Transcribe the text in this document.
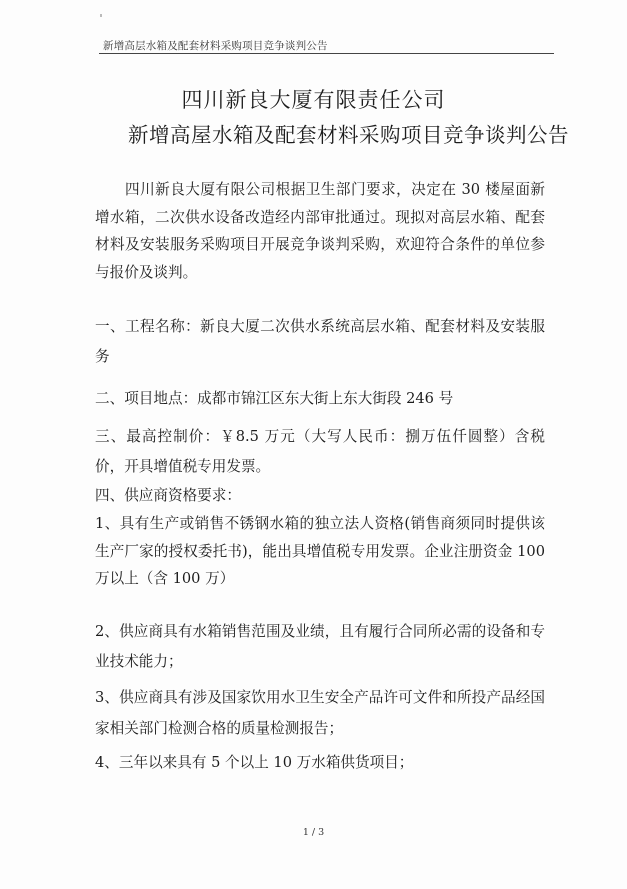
新增高层水箱及配套材料采购项目竞争谈判公告
四川新良大厦有限责任公司
新增高屋水箱及配套材料采购项目竞争谈判公告
四川新良大厦有限公司根据卫生部门要求，决定在 30 楼屋面新增水箱，二次供水设备改造经内部审批通过。现拟对高层水箱、配套材料及安装服务采购项目开展竞争谈判采购，欢迎符合条件的单位参与报价及谈判。
一、工程名称：新良大厦二次供水系统高层水箱、配套材料及安装服务
二、项目地点：成都市锦江区东大街上东大街段 246 号
三、最高控制价：￥8.5 万元（大写人民币：捌万伍仟圆整）含税价，开具增值税专用发票。
四、供应商资格要求：
1、具有生产或销售不锈钢水箱的独立法人资格(销售商须同时提供该生产厂家的授权委托书)，能出具增值税专用发票。企业注册资金 100 万以上（含 100 万）
2、供应商具有水箱销售范围及业绩，且有履行合同所必需的设备和专业技术能力；
3、供应商具有涉及国家饮用水卫生安全产品许可文件和所投产品经国家相关部门检测合格的质量检测报告；
4、三年以来具有 5 个以上 10 万水箱供货项目；
1 / 3
